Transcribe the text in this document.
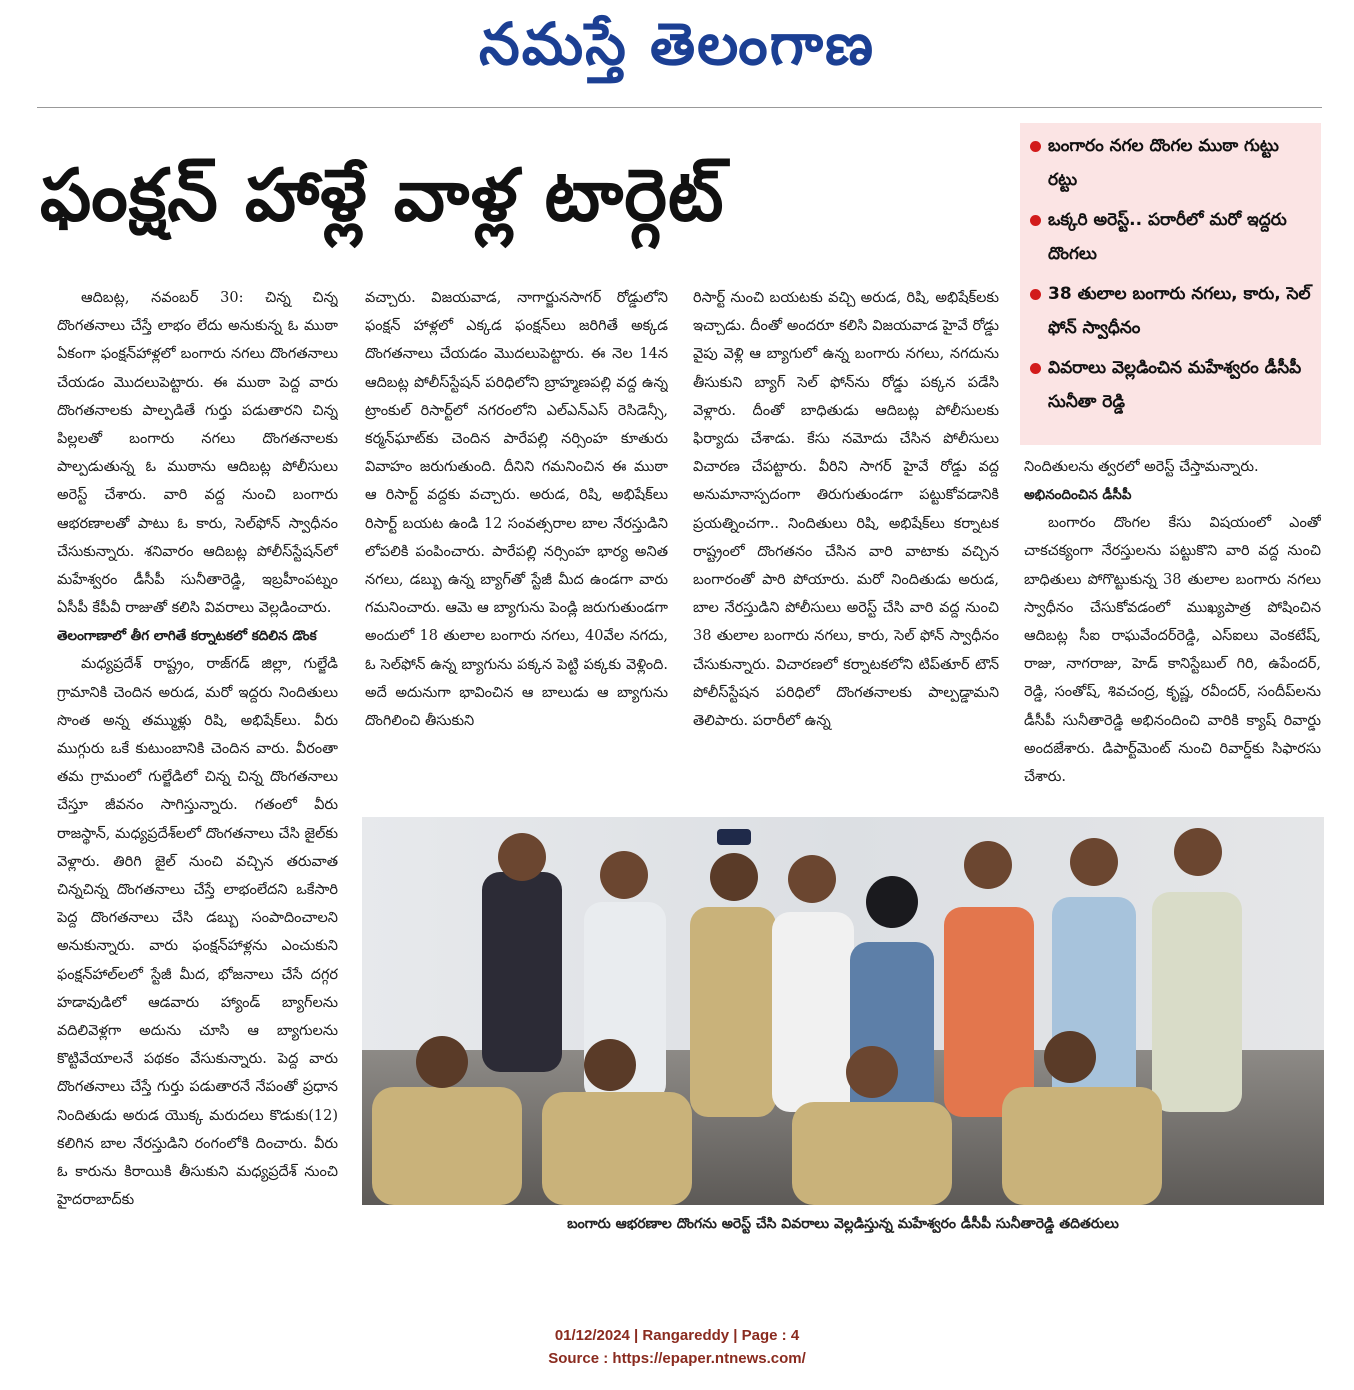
నమస్తే తెలంగాణ
ఫంక్షన్ హాళ్లే వాళ్ల టార్గెట్
బంగారం నగల దొంగల ముఠా గుట్టు రట్టు
ఒక్కరి అరెస్ట్.. పరారీలో మరో ఇద్దరు దొంగలు
38 తులాల బంగారు నగలు, కారు, సెల్ ఫోన్ స్వాధీనం
వివరాలు వెల్లడించిన మహేశ్వరం డీసీపీ సునీతా రెడ్డి

ఆదిబట్ల, నవంబర్ 30: చిన్న చిన్న దొంగతనాలు చేస్తే లాభం లేదు అనుకున్న ఓ ముఠా ఏకంగా ఫంక్షన్‌హాళ్లలో బంగారు నగలు దొంగతనాలు చేయడం మొదలుపెట్టారు. ఈ ముఠా పెద్ద వారు దొంగతనాలకు పాల్పడితే గుర్తు పడుతారని చిన్న పిల్లలతో బంగారు నగలు దొంగతనాలకు పాల్పడుతున్న ఓ ముఠాను ఆదిబట్ల పోలీసులు అరెస్ట్ చేశారు. వారి వద్ద నుంచి బంగారు ఆభరణాలతో పాటు ఓ కారు, సెల్‌ఫోన్ స్వాధీనం చేసుకున్నారు. శనివారం ఆదిబట్ల పోలీస్‌స్టేషన్‌లో మహేశ్వరం డీసీపీ సునీతారెడ్డి, ఇబ్రహీంపట్నం ఏసీపీ కేపీవీ రాజుతో కలిసి వివరాలు వెల్లడించారు.

తెలంగాణాలో తీగ లాగితే కర్నాటకలో కదిలిన డొంక

మధ్యప్రదేశ్ రాష్ట్రం, రాజ్‌గడ్ జిల్లా, గుల్జేడి గ్రామానికి చెందిన అరుడ, మరో ఇద్దరు నిందితులు సొంత అన్న తమ్ముళ్లు రిషి, అభిషేక్‌లు. వీరు ముగ్గురు ఒకే కుటుంబానికి చెందిన వారు. వీరంతా తమ గ్రామంలో గుల్జేడిలో చిన్న చిన్న దొంగతనాలు చేస్తూ జీవనం సాగిస్తున్నారు. గతంలో వీరు రాజస్థాన్, మధ్యప్రదేశ్‌లలో దొంగతనాలు చేసి జైల్‌కు వెళ్లారు. తిరిగి జైల్ నుంచి వచ్చిన తరువాత చిన్నచిన్న దొంగతనాలు చేస్తే లాభంలేదని ఒకేసారి పెద్ద దొంగతనాలు చేసి డబ్బు సంపాదించాలని అనుకున్నారు. వారు ఫంక్షన్‌హాళ్లను ఎంచుకుని ఫంక్షన్‌హాల్‌లలో స్టేజీ మీద, భోజనాలు చేసే దగ్గర హడావుడిలో ఆడవారు హ్యాండ్ బ్యాగ్‌లను వదిలివెళ్లగా అదును చూసి ఆ బ్యాగులను కొట్టివేయాలనే పథకం వేసుకున్నారు. పెద్ద వారు దొంగతనాలు చేస్తే గుర్తు పడుతారనే నేపంతో ప్రధాన నిందితుడు అరుడ యొక్క మరుదలు కొడుకు(12) కలిగిన బాల నేరస్తుడిని రంగంలోకి దించారు. వీరు ఓ కారును కిరాయికి తీసుకుని మధ్యప్రదేశ్ నుంచి హైదరాబాద్‌కు

వచ్చారు. విజయవాడ, నాగార్జునసాగర్ రోడ్డులోని ఫంక్షన్ హాళ్లలో ఎక్కడ ఫంక్షన్‌లు జరిగితే అక్కడ దొంగతనాలు చేయడం మొదలుపెట్టారు. ఈ నెల 14న ఆదిబట్ల పోలీస్‌స్టేషన్ పరిధిలోని బ్రాహ్మణపల్లి వద్ద ఉన్న ట్రాంకుల్ రిసార్ట్‌లో నగరంలోని ఎల్ఎన్ఎస్ రెసిడెన్సీ, కర్మన్‌ఘాట్‌కు చెందిన పారేపల్లి నర్సింహ కూతురు వివాహం జరుగుతుంది. దీనిని గమనించిన ఈ ముఠా ఆ రిసార్ట్ వద్దకు వచ్చారు. అరుడ, రిషి, అభిషేక్‌లు రిసార్ట్ బయట ఉండి 12 సంవత్సరాల బాల నేరస్తుడిని లోపలికి పంపించారు. పారేపల్లి నర్సింహ భార్య అనిత నగలు, డబ్బు ఉన్న బ్యాగ్‌తో స్టేజీ మీద ఉండగా వారు గమనించారు. ఆమె ఆ బ్యాగును పెండ్లి జరుగుతుండగా అందులో 18 తులాల బంగారు నగలు, 40వేల నగదు, ఓ సెల్‌ఫోన్ ఉన్న బ్యాగును పక్కన పెట్టి పక్కకు వెళ్లింది. అదే అదునుగా భావించిన ఆ బాలుడు ఆ బ్యాగును దొంగిలించి తీసుకుని

రిసార్ట్ నుంచి బయటకు వచ్చి అరుడ, రిషి, అభిషేక్‌లకు ఇచ్చాడు. దీంతో అందరూ కలిసి విజయవాడ హైవే రోడ్డు వైపు వెళ్లి ఆ బ్యాగులో ఉన్న బంగారు నగలు, నగదును తీసుకుని బ్యాగ్ సెల్ ఫోన్‌ను రోడ్డు పక్కన పడేసి వెళ్లారు. దీంతో బాధితుడు ఆదిబట్ల పోలీసులకు ఫిర్యాదు చేశాడు. కేసు నమోదు చేసిన పోలీసులు విచారణ చేపట్టారు. వీరిని సాగర్ హైవే రోడ్డు వద్ద అనుమానాస్పదంగా తిరుగుతుండగా పట్టుకోవడానికి ప్రయత్నించగా.. నిందితులు రిషి, అభిషేక్‌లు కర్నాటక రాష్ట్రంలో దొంగతనం చేసిన వారి వాటాకు వచ్చిన బంగారంతో పారి పోయారు. మరో నిందితుడు అరుడ, బాల నేరస్తుడిని పోలీసులు అరెస్ట్ చేసి వారి వద్ద నుంచి 38 తులాల బంగారు నగలు, కారు, సెల్ ఫోన్ స్వాధీనం చేసుకున్నారు. విచారణలో కర్నాటకలోని టిప్‌తూర్ టౌన్ పోలీస్‌స్టేషన పరిధిలో దొంగతనాలకు పాల్పడ్డామని తెలిపారు. పరారీలో ఉన్న

నిందితులను త్వరలో అరెస్ట్ చేస్తామన్నారు.

అభినందించిన డీసీపీ

బంగారం దొంగల కేసు విషయంలో ఎంతో చాకచక్యంగా నేరస్తులను పట్టుకొని వారి వద్ద నుంచి బాధితులు పోగొట్టుకున్న 38 తులాల బంగారు నగలు స్వాధీనం చేసుకోవడంలో ముఖ్యపాత్ర పోషించిన ఆదిబట్ల సీఐ రాఘవేందర్‌రెడ్డి, ఎస్ఐలు వెంకటేష్, రాజు, నాగరాజు, హెడ్ కానిస్టేబుల్ గిరి, ఉపేందర్, రెడ్డి, సంతోష్, శివచంద్ర, కృష్ణ, రవీందర్, సందీప్‌లను డీసీపీ సునీతారెడ్డి అభినందించి వారికి క్యాష్ రివార్డు అందజేశారు. డిపార్ట్‌మెంట్ నుంచి రివార్డ్‌కు సిఫారసు చేశారు.

బంగారు ఆభరణాల దొంగను అరెస్ట్ చేసి వివరాలు వెల్లడిస్తున్న మహేశ్వరం డీసీపీ సునీతారెడ్డి తదితరులు
01/12/2024 | Rangareddy | Page : 4
Source : https://epaper.ntnews.com/
